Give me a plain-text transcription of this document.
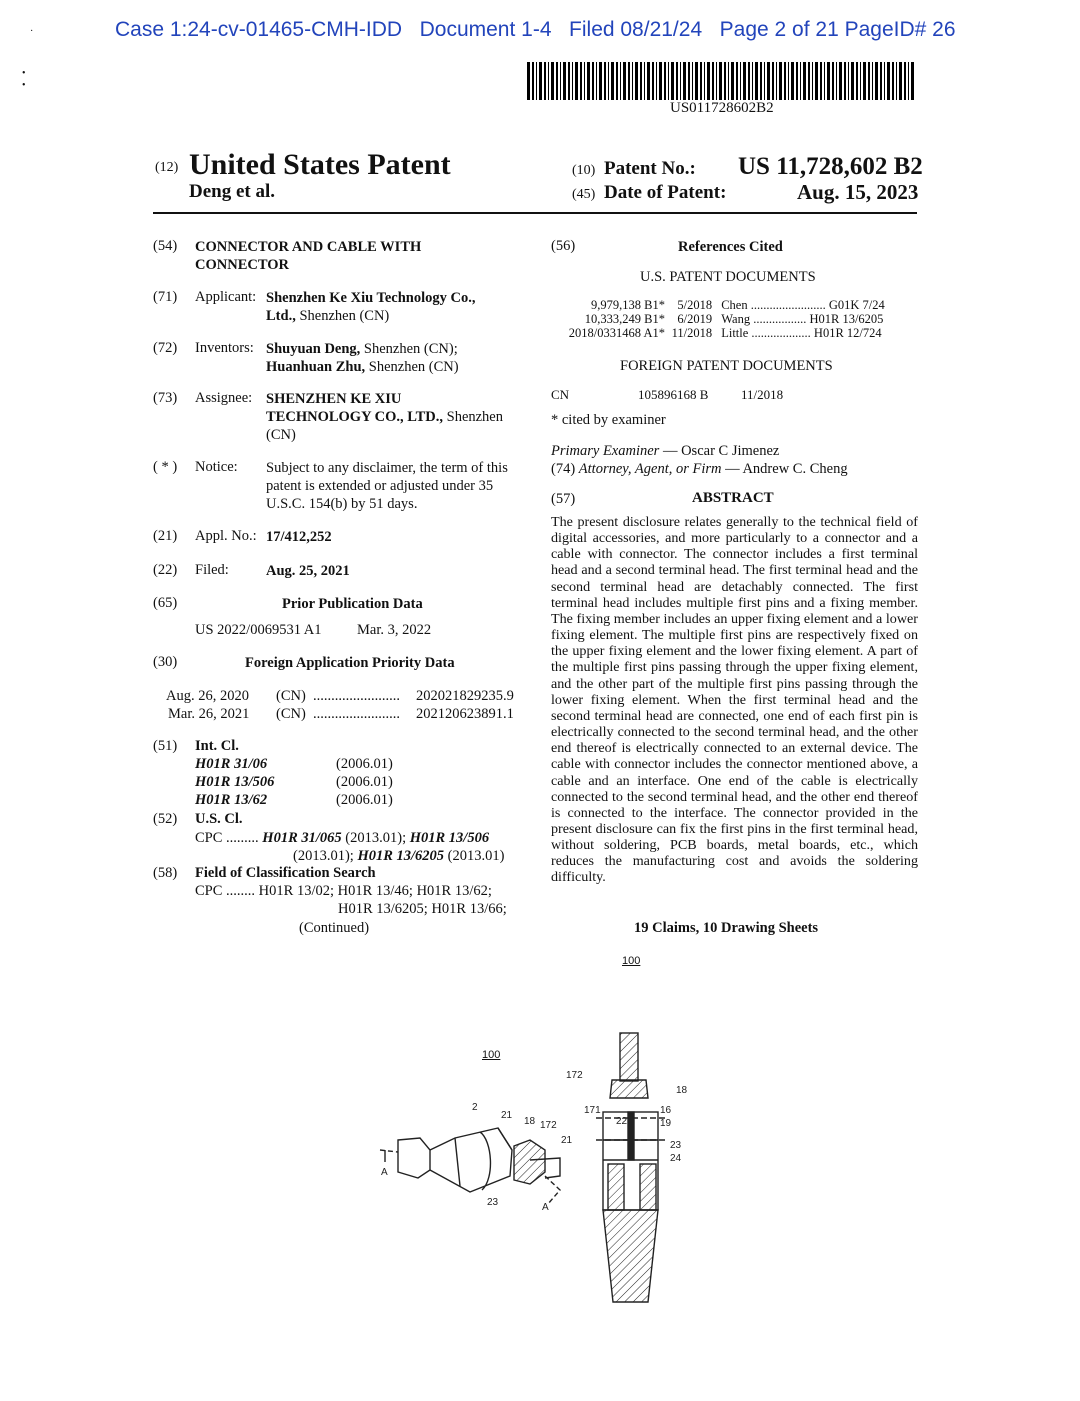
Case 1:24-cv-01465-CMH-IDD Document 1-4 Filed 08/21/24 Page 2 of 21 PageID# 26
·
•
•
US011728602B2
(12) United States Patent
Deng et al.
(10) Patent No.: US 11,728,602 B2
(45) Date of Patent:	Aug. 15, 2023
(54) CONNECTOR AND CABLE WITH
CONNECTOR
(71) Applicant: Shenzhen Ke Xiu Technology Co.,
Ltd., Shenzhen (CN)
(72) Inventors: Shuyuan Deng, Shenzhen (CN);
Huanhuan Zhu, Shenzhen (CN)
(73) Assignee: SHENZHEN KE XIU
TECHNOLOGY CO., LTD., Shenzhen
(CN)
( * ) Notice: Subject to any disclaimer, the term of this
patent is extended or adjusted under 35
U.S.C. 154(b) by 51 days.
(21) Appl. No.: 17/412,252
(22) Filed:	Aug. 25, 2021
(65)	Prior Publication Data
US 2022/0069531 A1 Mar. 3, 2022
(30)	Foreign Application Priority Data
Aug. 26, 2020 (CN) ........................ 202021829235.9
Mar. 26, 2021 (CN) ........................ 202120623891.1
(51) Int. Cl.
H01R 31/06	(2006.01)
H01R 13/506	(2006.01)
H01R 13/62	(2006.01)
(52) U.S. Cl.
CPC ......... H01R 31/065 (2013.01); H01R 13/506
(2013.01); H01R 13/6205 (2013.01)
(58) Field of Classification Search
CPC ........ H01R 13/02; H01R 13/46; H01R 13/62;
H01R 13/6205; H01R 13/66;
(Continued)
(56)	References Cited
U.S. PATENT DOCUMENTS
9,979,138 B1* 5/2018 Chen ........................ G01K 7/24
10,333,249 B1* 6/2019 Wang ................. H01R 13/6205
2018/0331468 A1* 11/2018 Little ................... H01R 12/724
FOREIGN PATENT DOCUMENTS
CN	105896168 B	11/2018
* cited by examiner
Primary Examiner — Oscar C Jimenez
(74) Attorney, Agent, or Firm — Andrew C. Cheng
(57)	ABSTRACT
The present disclosure relates generally to the technical field of digital accessories, and more particularly to a connector and a cable with connector. The connector includes a first terminal head and a second terminal head. The first terminal head and the second terminal head are detachably connected. The first terminal head includes multiple first pins and a fixing member. The fixing member includes an upper fixing element and a lower fixing element. The multiple first pins are respectively fixed on the upper fixing element and the lower fixing element. A part of the multiple first pins passing through the upper fixing element, and the other part of the multiple first pins passing through the lower fixing element. When the first terminal head and the second terminal head are connected, one end of each first pin is electrically connected to the second terminal head, and the other end thereof is electrically connected to an external device. The cable with connector includes the connector mentioned above, a cable and an interface. One end of the cable is electrically connected to the second terminal head, and the other end thereof is connected to the interface. The connector provided in the present disclosure can fix the first pins in the first terminal head, without soldering, PCB boards, metal boards, etc., which reduces the manufacturing cost and avoids the soldering difficulty.
19 Claims, 10 Drawing Sheets
100
172
18
16
19
171
22
23
24
2
21
18 172
21
23
A
A
100
